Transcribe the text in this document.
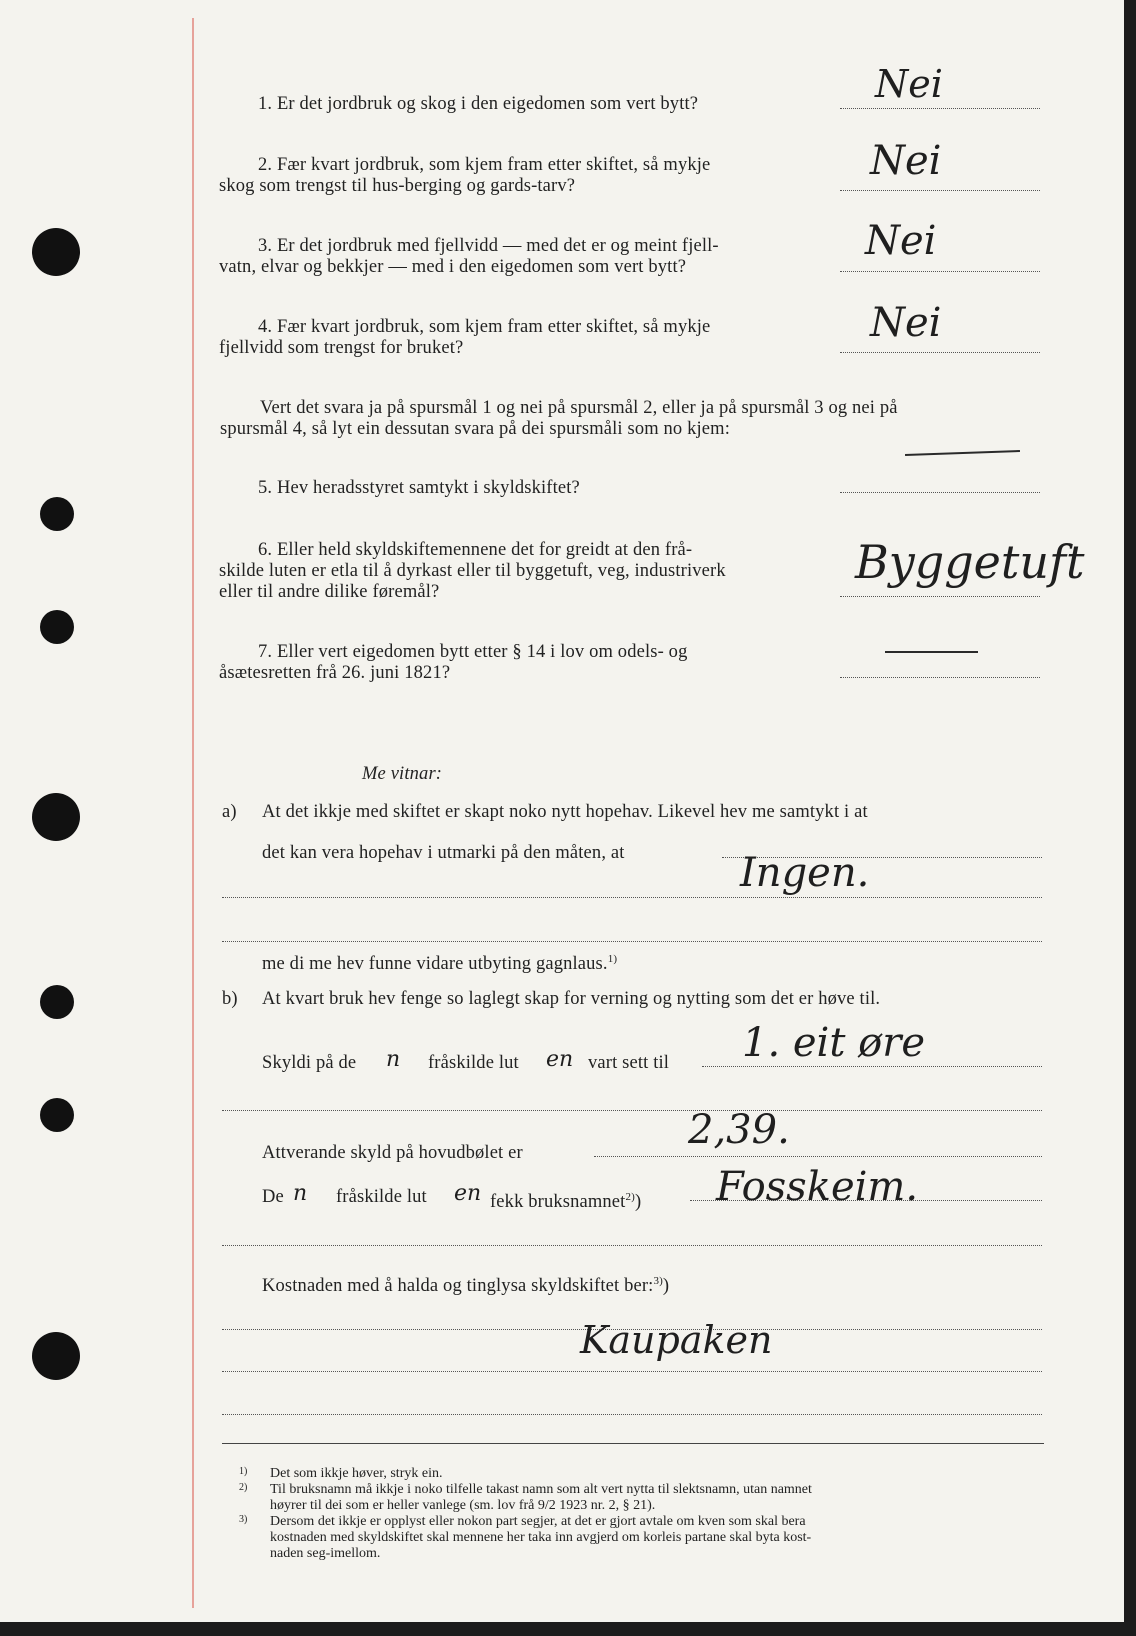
1. Er det jordbruk og skog i den eigedomen som vert bytt?	Nei
2. Fær kvart jordbruk, som kjem fram etter skiftet, så mykje
skog som trengst til hus‐berging og gards‐tarv?
Nei
3. Er det jordbruk med fjellvidd — med det er og meint fjell‐
vatn, elvar og bekkjer — med i den eigedomen som vert bytt?
Nei
4. Fær kvart jordbruk, som kjem fram etter skiftet, så mykje
fjellvidd som trengst for bruket?
Nei
Vert det svara ja på spursmål 1 og nei på spursmål 2, eller ja på spursmål 3 og nei på
spursmål 4, så lyt ein dessutan svara på dei spursmåli som no kjem:
5. Hev heradsstyret samtykt i skyldskiftet?
6. Eller held skyldskiftemennene det for greidt at den frå‐
skilde luten er etla til å dyrkast eller til byggetuft, veg, industriverk
eller til andre dilike føremål?
Byggetuft
7. Eller vert eigedomen bytt etter § 14 i lov om odels‐ og
åsætesretten frå 26. juni 1821?
Me vitnar:
a) At det ikkje med skiftet er skapt noko nytt hopehav. Likevel hev me samtykt i at
det kan vera hopehav i utmarki på den måten, at	Ingen.
me di me hev funne vidare utbyting gagnlaus.$^{1)}$
b) At kvart bruk hev fenge so laglegt skap for verning og nytting som det er høve til.
Skyldi på de n fråskilde lut en vart sett til 1. eit øre
Attverande skyld på hovudbølet er	2,39.
De n fråskilde lut en fekk bruksnamnet$^{2)}$) Fosskeim.
Kostnaden med å halda og tinglysa skyldskiftet ber:$^{3)}$)
Kaupaken
1) Det som ikkje høver, stryk ein.
2) Til bruksnamn må ikkje i noko tilfelle takast namn som alt vert nytta til slektsnamn, utan namnet
høyrer til dei som er heller vanlege (sm. lov frå 9/2 1923 nr. 2, § 21).
3) Dersom det ikkje er opplyst eller nokon part segjer, at det er gjort avtale om kven som skal bera
kostnaden med skyldskiftet skal mennene her taka inn avgjerd om korleis partane skal byta kost‐
naden seg‐imellom.
